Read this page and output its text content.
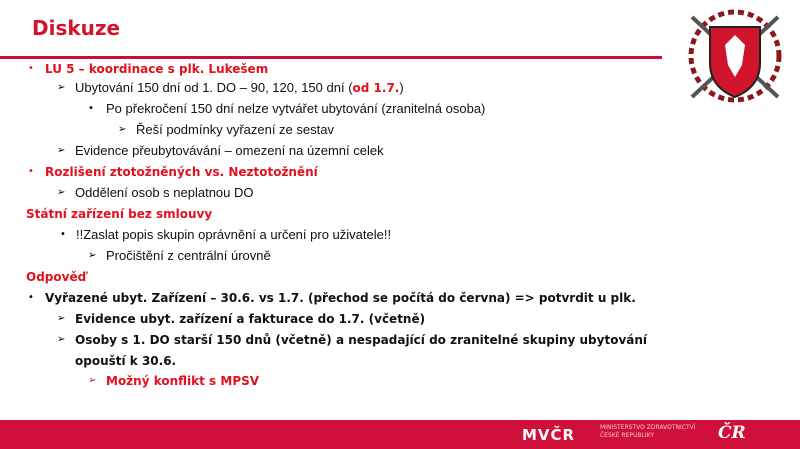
Diskuze
LU 5 – koordinace s plk. Lukešem
•
➢ Ubytování 150 dní od 1. DO – 90, 120, 150 dní (od 1.7.)
• Po překročení 150 dní nelze vytvářet ubytování (zranitelná osoba)
➢ Řeší podmínky vyřazení ze sestav
➢ Evidence přeubytovávání – omezení na územní celek
• Rozlišení ztotožněných vs. Neztotožnění
➢ Oddělení osob s neplatnou DO
Státní zařízení bez smlouvy
• !!Zaslat popis skupin oprávnění a určení pro uživatele!!
➢ Pročištění z centrální úrovně
Odpověď
• Vyřazené ubyt. Zařízení – 30.6. vs 1.7. (přechod se počítá do června) => potvrdit u plk.
➢ Evidence ubyt. zařízení a fakturace do 1.7. (včetně)
➢ Osoby s 1. DO starší 150 dnů (včetně) a nespadající do zranitelné skupiny ubytování
opouští k 30.6.
➢ Možný konflikt s MPSV
MVČR	MINISTERSTVO ZDRAVOTNICTVÍ
ČESKÉ REPUBLIKY	ČR
